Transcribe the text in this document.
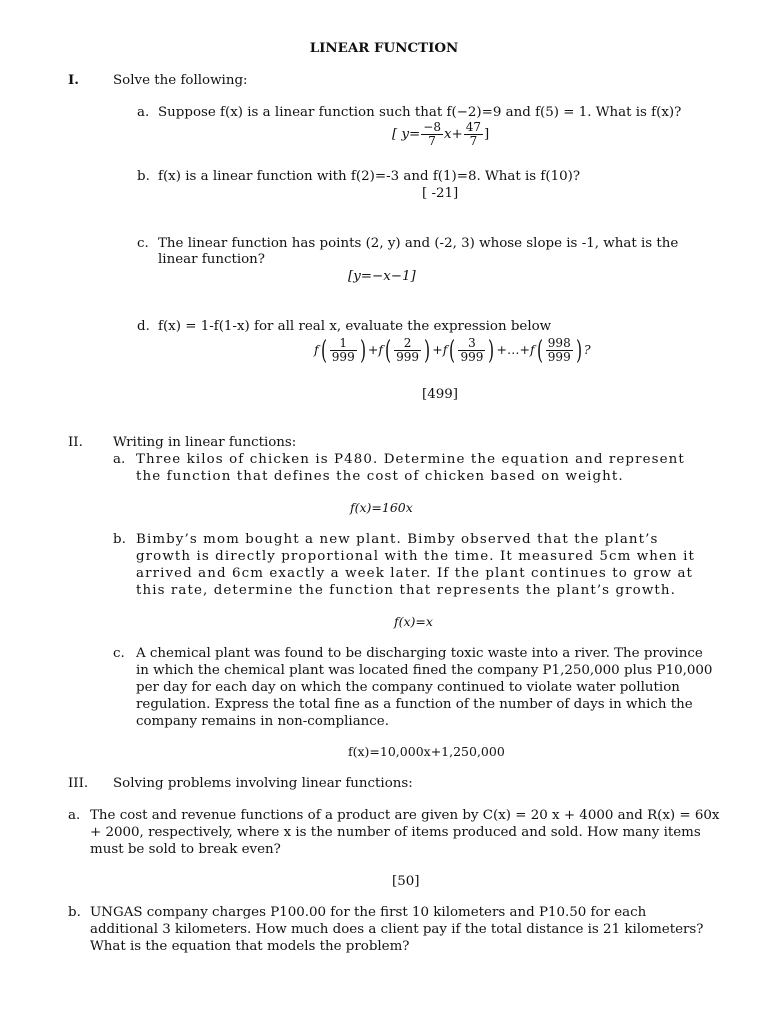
LINEAR FUNCTION
I.	Solve the following:
a. Suppose f(x) is a linear function such that f(−2)=9 and f(5) = 1. What is f(x)?
[ $y= \frac{-8}{7} x+ \frac{47}{7}$ ]
b. f(x) is a linear function with f(2)=-3 and f(1)=8. What is f(10)?
[ -21]
c. The linear function has points (2, y) and (-2, 3) whose slope is -1, what is the
linear function?
[y=−x−1]
d. f(x) = 1-f(1-x) for all real x, evaluate the expression below
$f( \frac{1}{999}$ ) $+f( \frac{2}{999}$ ) $+f( \frac{3}{999}$ ) +…+f( $\frac{998}{999}$ ) ?
[499]
II. Writing in linear functions:
a. Three kilos of chicken is P480. Determine the equation and represent
the function that defines the cost of chicken based on weight.
f(x)=160x
b. Bimby’s mom bought a new plant. Bimby observed that the plant’s
growth is directly proportional with the time. It measured 5cm when it
arrived and 6cm exactly a week later. If the plant continues to grow at
this rate, determine the function that represents the plant’s growth.
f(x)=x
c. A chemical plant was found to be discharging toxic waste into a river. The province
in which the chemical plant was located fined the company P1,250,000 plus P10,000
per day for each day on which the company continued to violate water pollution
regulation. Express the total fine as a function of the number of days in which the
company remains in non-compliance.
f(x)=10,000x+1,250,000
III. Solving problems involving linear functions:
a. The cost and revenue functions of a product are given by C(x) = 20 x + 4000 and R(x) = 60x
+ 2000, respectively, where x is the number of items produced and sold. How many items
must be sold to break even?
[50]
b. UNGAS company charges P100.00 for the first 10 kilometers and P10.50 for each
additional 3 kilometers. How much does a client pay if the total distance is 21 kilometers?
What is the equation that models the problem?
